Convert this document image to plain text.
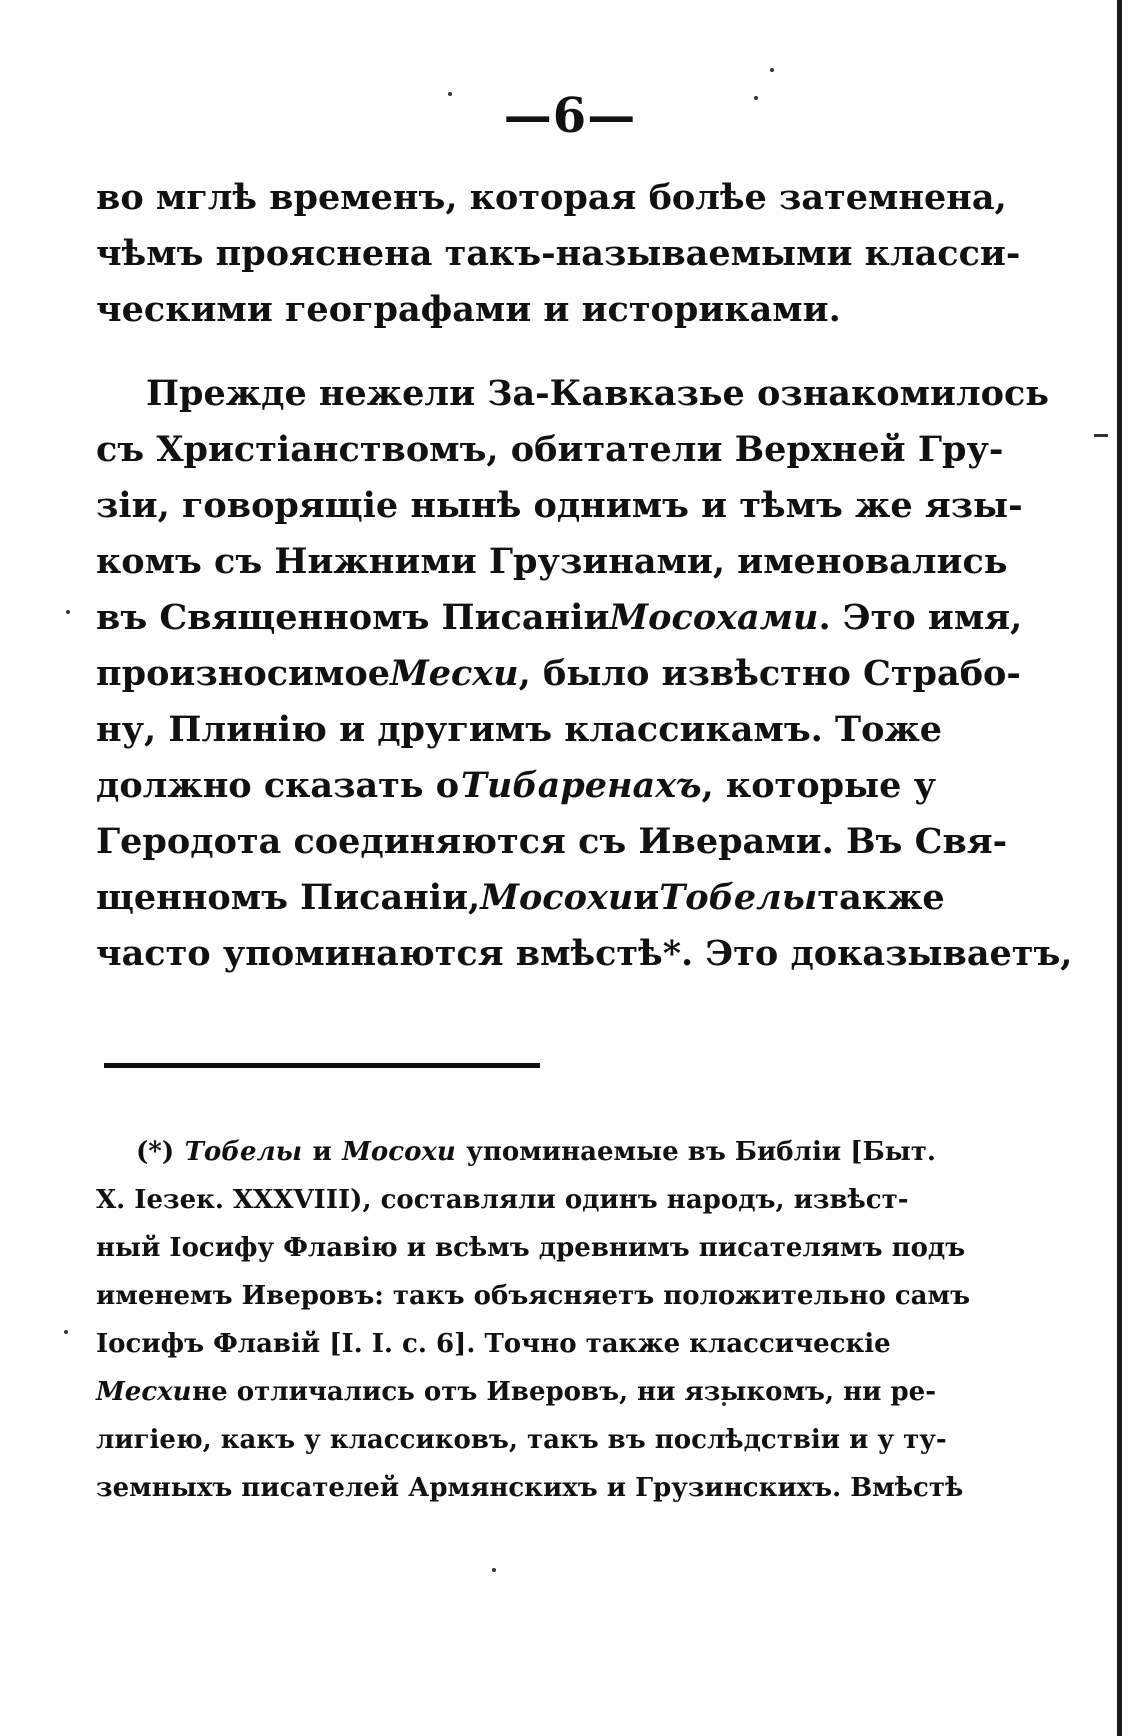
—6—
во мглѣ временъ, которая болѣе затемнена,
чѣмъ прояснена такъ-называемыми класси-
ческими географами и историками.
Прежде нежели За-Кавказье ознакомилось
съ Христіанствомъ, обитатели Верхней Гру-
зіи, говорящіе нынѣ однимъ и тѣмъ же язы-
комъ съ Нижними Грузинами, именовались
въ Священномъ Писаніи Мосохами. Это имя,
произносимое Месхи, было извѣстно Страбо-
ну, Плинію и другимъ классикамъ. Тоже
должно сказать о Тибаренахъ, которые у
Геродота соединяются съ Иверами. Въ Свя-
щенномъ Писаніи, Мосохи и Тобелы также
часто упоминаются вмѣстѣ*. Это доказываетъ,
(*) Тобелы и Мосохи упоминаемые въ Библіи [Быт.
X. Iезек. XXXVIII), составляли одинъ народъ, извѣст-
ный Іосифу Флавію и всѣмъ древнимъ писателямъ подъ
именемъ Иверовъ: такъ объясняетъ положительно самъ
Іосифъ Флавій [I. I. с. 6]. Точно также классическіе
Месхи не отличались отъ Иверовъ, ни языкомъ, ни ре-
лигіею, какъ у классиковъ, такъ въ послѣдствіи и у ту-
земныхъ писателей Армянскихъ и Грузинскихъ. Вмѣстѣ
